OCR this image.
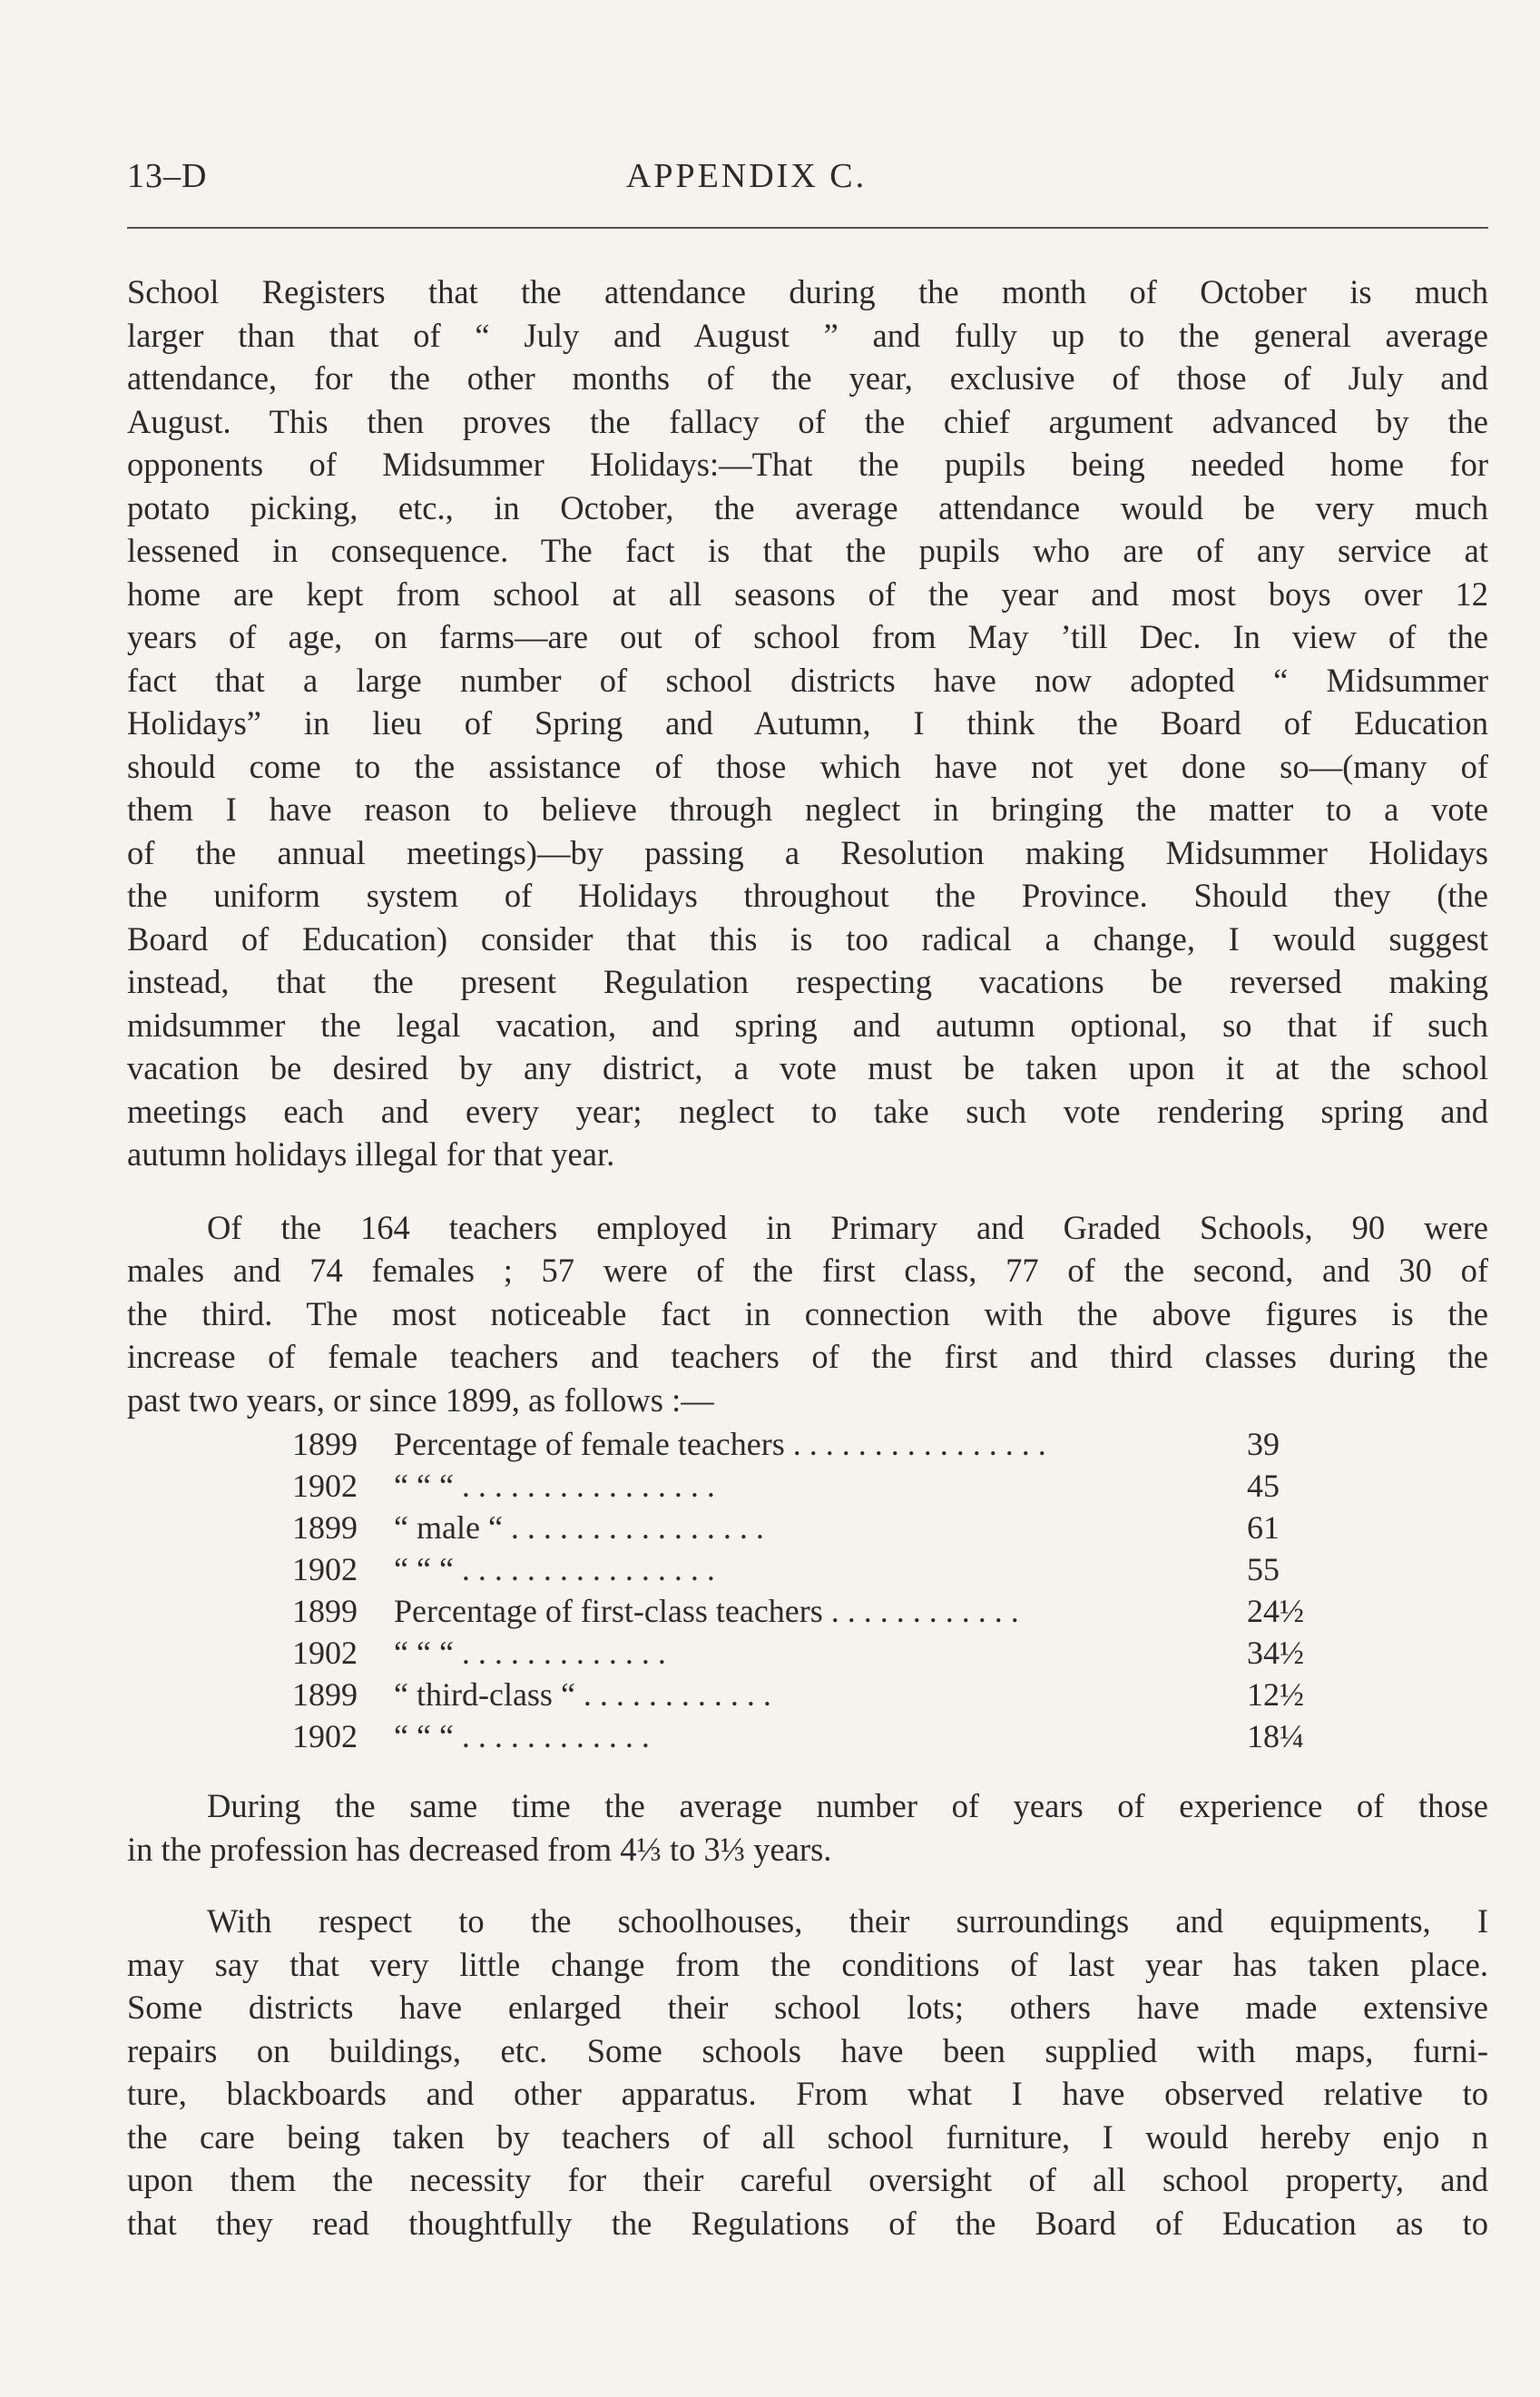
13–D	APPENDIX C.

School Registers that the attendance during the month of October is much
larger than that of “ July and August ” and fully up to the general average
attendance, for the other months of the year, exclusive of those of July and
August. This then proves the fallacy of the chief argument advanced by the
opponents of Midsummer Holidays:—That the pupils being needed home for
potato picking, etc., in October, the average attendance would be very much
lessened in consequence. The fact is that the pupils who are of any service at
home are kept from school at all seasons of the year and most boys over 12
years of age, on farms—are out of school from May ’till Dec. In view of the
fact that a large number of school districts have now adopted “ Midsummer
Holidays” in lieu of Spring and Autumn, I think the Board of Education
should come to the assistance of those which have not yet done so—(many of
them I have reason to believe through neglect in bringing the matter to a vote
of the annual meetings)—by passing a Resolution making Midsummer Holidays
the uniform system of Holidays throughout the Province. Should they (the
Board of Education) consider that this is too radical a change, I would suggest
instead, that the present Regulation respecting vacations be reversed making
midsummer the legal vacation, and spring and autumn optional, so that if such
vacation be desired by any district, a vote must be taken upon it at the school
meetings each and every year; neglect to take such vote rendering spring and
autumn holidays illegal for that year.

Of the 164 teachers employed in Primary and Graded Schools, 90 were
males and 74 females ; 57 were of the first class, 77 of the second, and 30 of
the third. The most noticeable fact in connection with the above figures is the
increase of female teachers and teachers of the first and third classes during the
past two years, or since 1899, as follows :—

1899	Percentage of female teachers . . . . . . . . . . . . . . . .	39
1902	“ “ “ . . . . . . . . . . . . . . . .	45
1899	“ male “ . . . . . . . . . . . . . . . .	61
1902	“ “ “ . . . . . . . . . . . . . . . .	55
1899	Percentage of first-class teachers . . . . . . . . . . . .	24½
1902	“ “ “ . . . . . . . . . . . . .	34½
1899	“ third-class “ . . . . . . . . . . . .	12½
1902	“ “ “ . . . . . . . . . . . .	18¼
During the same time the average number of years of experience of those
in the profession has decreased from 4⅓ to 3⅓ years.
With respect to the schoolhouses, their surroundings and equipments, I
may say that very little change from the conditions of last year has taken place.
Some districts have enlarged their school lots; others have made extensive
repairs on buildings, etc. Some schools have been supplied with maps, furni-
ture, blackboards and other apparatus. From what I have observed relative to
the care being taken by teachers of all school furniture, I would hereby enjo n
upon them the necessity for their careful oversight of all school property, and
that they read thoughtfully the Regulations of the Board of Education as to
